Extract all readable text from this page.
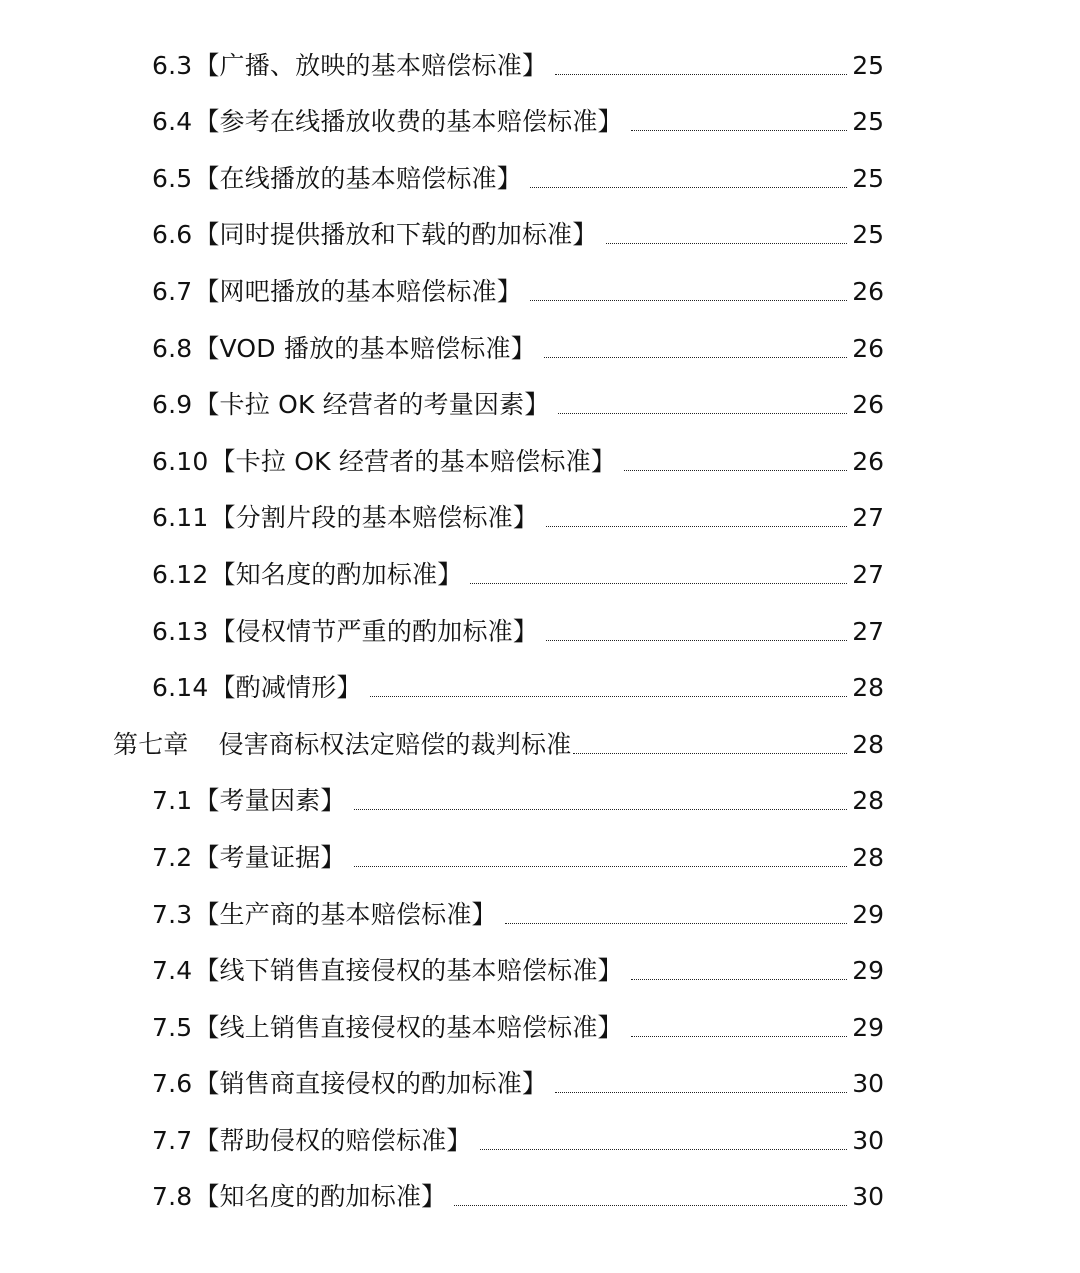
6.3【广播、放映的基本赔偿标准】	25
6.4【参考在线播放收费的基本赔偿标准】	25
6.5【在线播放的基本赔偿标准】	25
6.6【同时提供播放和下载的酌加标准】	25
6.7【网吧播放的基本赔偿标准】	26
6.8【VOD 播放的基本赔偿标准】	26
6.9【卡拉 OK 经营者的考量因素】	26
6.10【卡拉 OK 经营者的基本赔偿标准】	26
6.11【分割片段的基本赔偿标准】	27
6.12【知名度的酌加标准】	27
6.13【侵权情节严重的酌加标准】	27
6.14【酌减情形】	28
第七章 侵害商标权法定赔偿的裁判标准	28
7.1【考量因素】	28
7.2【考量证据】	28
7.3【生产商的基本赔偿标准】	29
7.4【线下销售直接侵权的基本赔偿标准】	29
7.5【线上销售直接侵权的基本赔偿标准】	29
7.6【销售商直接侵权的酌加标准】	30
7.7【帮助侵权的赔偿标准】	30
7.8【知名度的酌加标准】	30
